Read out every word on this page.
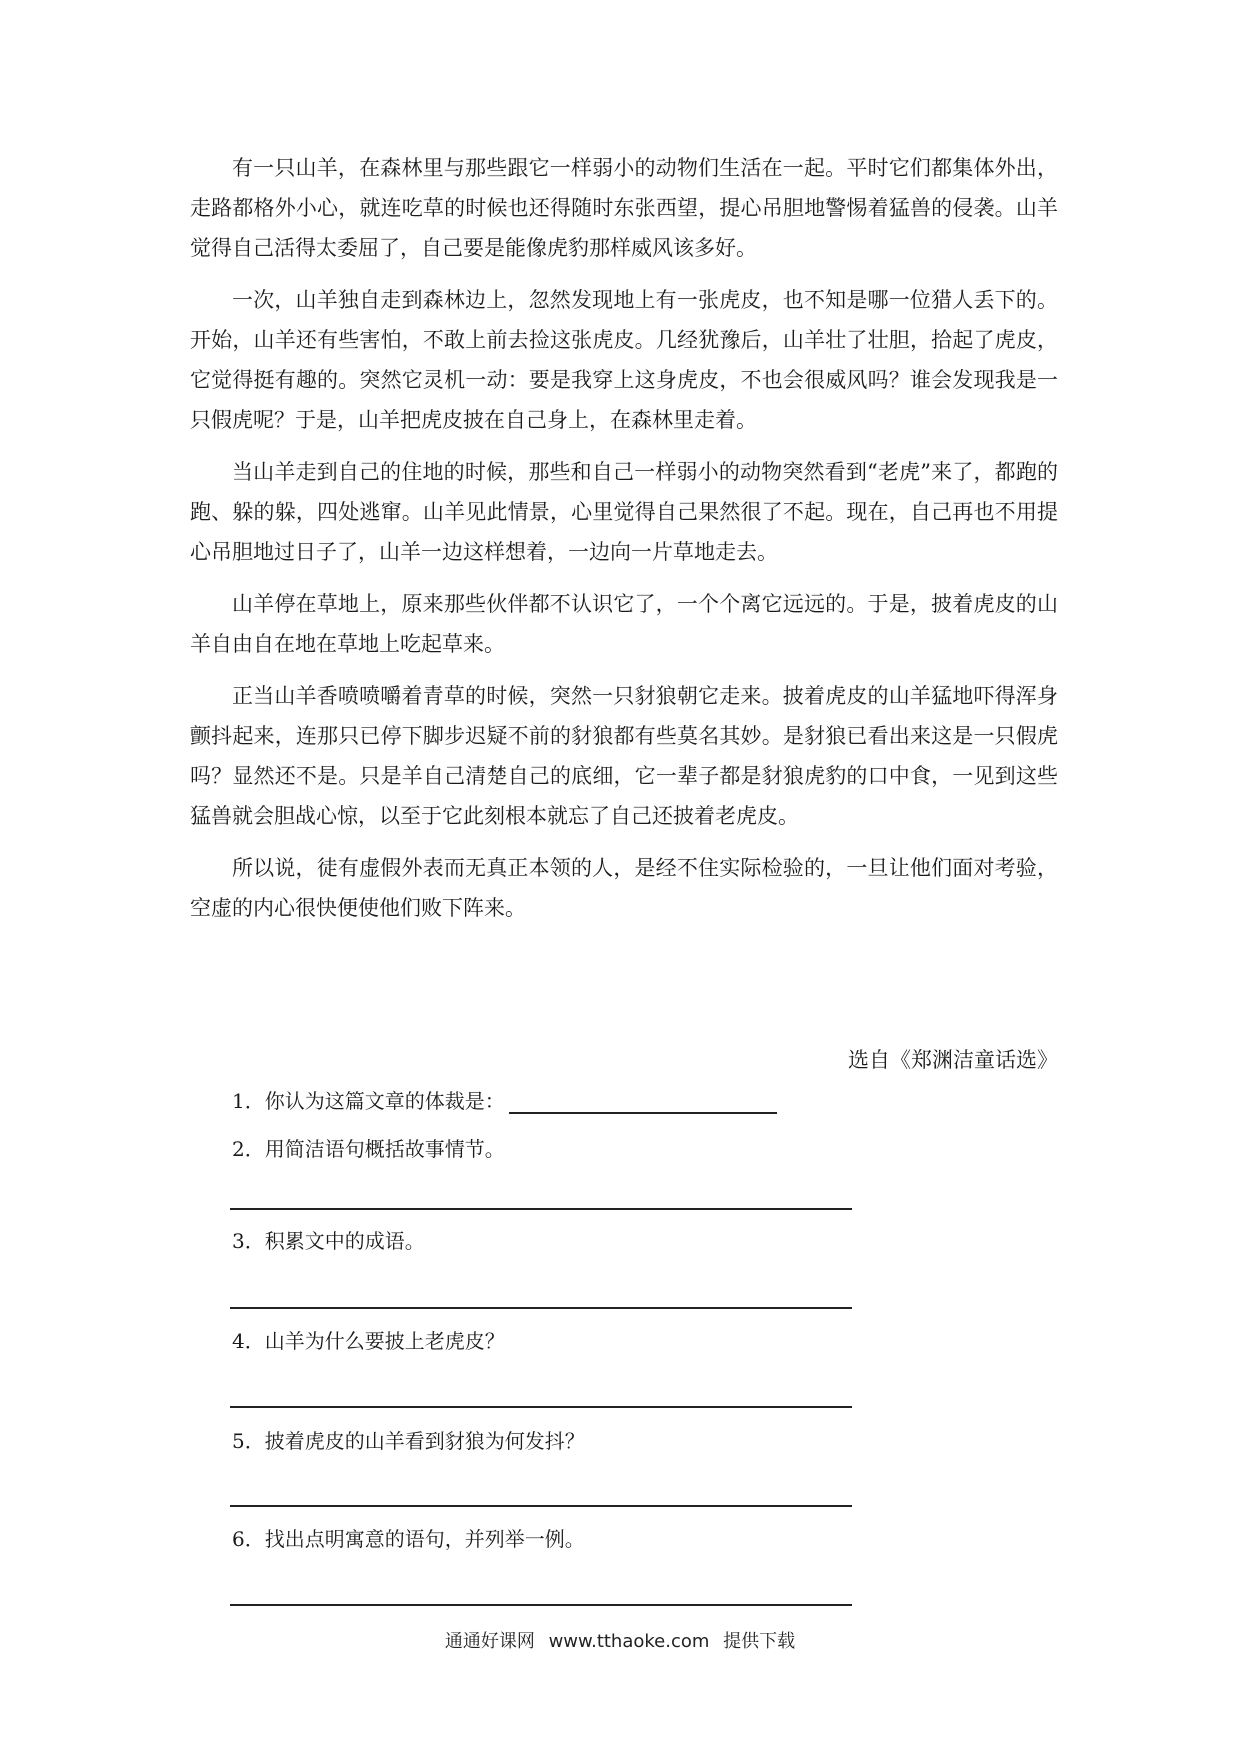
有一只山羊，在森林里与那些跟它一样弱小的动物们生活在一起。平时它们都集体外出，走路都格外小心，就连吃草的时候也还得随时东张西望，提心吊胆地警惕着猛兽的侵袭。山羊觉得自己活得太委屈了，自己要是能像虎豹那样威风该多好。

一次，山羊独自走到森林边上，忽然发现地上有一张虎皮，也不知是哪一位猎人丢下的。开始，山羊还有些害怕，不敢上前去捡这张虎皮。几经犹豫后，山羊壮了壮胆，拾起了虎皮，它觉得挺有趣的。突然它灵机一动：要是我穿上这身虎皮，不也会很威风吗？谁会发现我是一只假虎呢？于是，山羊把虎皮披在自己身上，在森林里走着。

当山羊走到自己的住地的时候，那些和自己一样弱小的动物突然看到“老虎”来了，都跑的跑、躲的躲，四处逃窜。山羊见此情景，心里觉得自己果然很了不起。现在，自己再也不用提心吊胆地过日子了，山羊一边这样想着，一边向一片草地走去。

山羊停在草地上，原来那些伙伴都不认识它了，一个个离它远远的。于是，披着虎皮的山羊自由自在地在草地上吃起草来。

正当山羊香喷喷嚼着青草的时候，突然一只豺狼朝它走来。披着虎皮的山羊猛地吓得浑身颤抖起来，连那只已停下脚步迟疑不前的豺狼都有些莫名其妙。是豺狼已看出来这是一只假虎吗？显然还不是。只是羊自己清楚自己的底细，它一辈子都是豺狼虎豹的口中食，一见到这些猛兽就会胆战心惊，以至于它此刻根本就忘了自己还披着老虎皮。

所以说，徒有虚假外表而无真正本领的人，是经不住实际检验的，一旦让他们面对考验，空虚的内心很快便使他们败下阵来。

选自《郑渊洁童话选》
1．你认为这篇文章的体裁是：
2．用简洁语句概括故事情节。
3．积累文中的成语。
4．山羊为什么要披上老虎皮？
5．披着虎皮的山羊看到豺狼为何发抖？
6．找出点明寓意的语句，并列举一例。
通通好课网 www.tthaoke.com 提供下载
